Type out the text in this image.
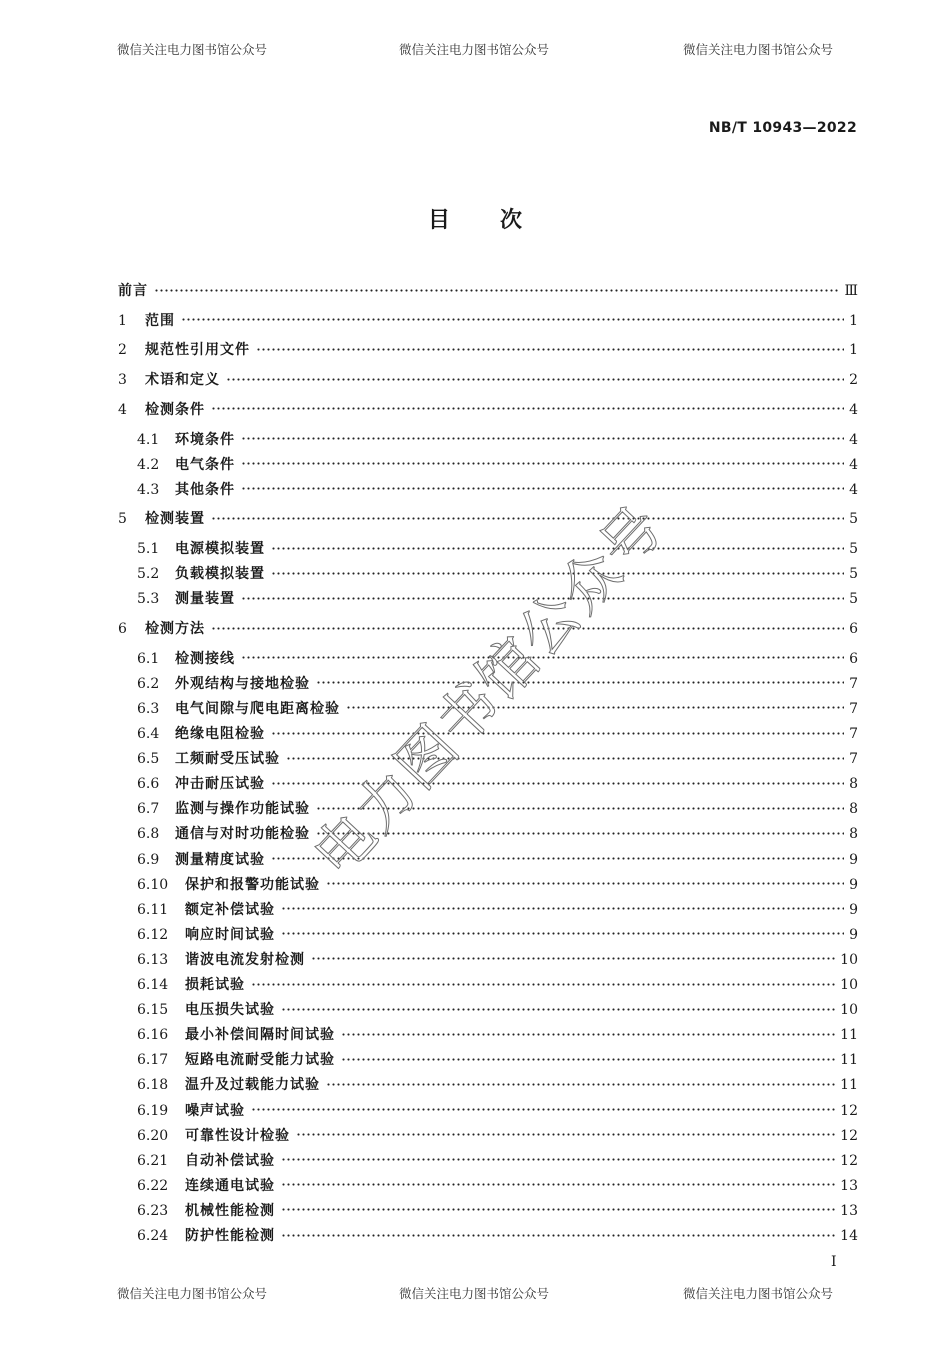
微信关注电力图书馆公众号	微信关注电力图书馆公众号	微信关注电力图书馆公众号
NB/T 10943—2022
目次
前言	Ⅲ
1	范围	1
2	规范性引用文件	1
3	术语和定义	2
4	检测条件	4
4.1	环境条件	4
4.2	电气条件	4
4.3	其他条件	4
5	检测装置	5
5.1	电源模拟装置	5
5.2	负载模拟装置	5
5.3	测量装置	5
6	检测方法	6
6.1	检测接线	6
6.2	外观结构与接地检验	7
6.3	电气间隙与爬电距离检验	7
6.4	绝缘电阻检验	7
6.5	工频耐受压试验	7
6.6	冲击耐压试验	8
6.7	监测与操作功能试验	8
6.8	通信与对时功能检验	8
6.9	测量精度试验	9
6.10	保护和报警功能试验	9
6.11	额定补偿试验	9
6.12	响应时间试验	9
6.13	谐波电流发射检测	10
6.14	损耗试验	10
6.15	电压损失试验	10
6.16	最小补偿间隔时间试验	11
6.17	短路电流耐受能力试验	11
6.18	温升及过载能力试验	11
6.19	噪声试验	12
6.20	可靠性设计检验	12
6.21	自动补偿试验	12
6.22	连续通电试验	13
6.23	机械性能检测	13
6.24	防护性能检测	14
电力图书馆公众号
I
微信关注电力图书馆公众号	微信关注电力图书馆公众号	微信关注电力图书馆公众号
